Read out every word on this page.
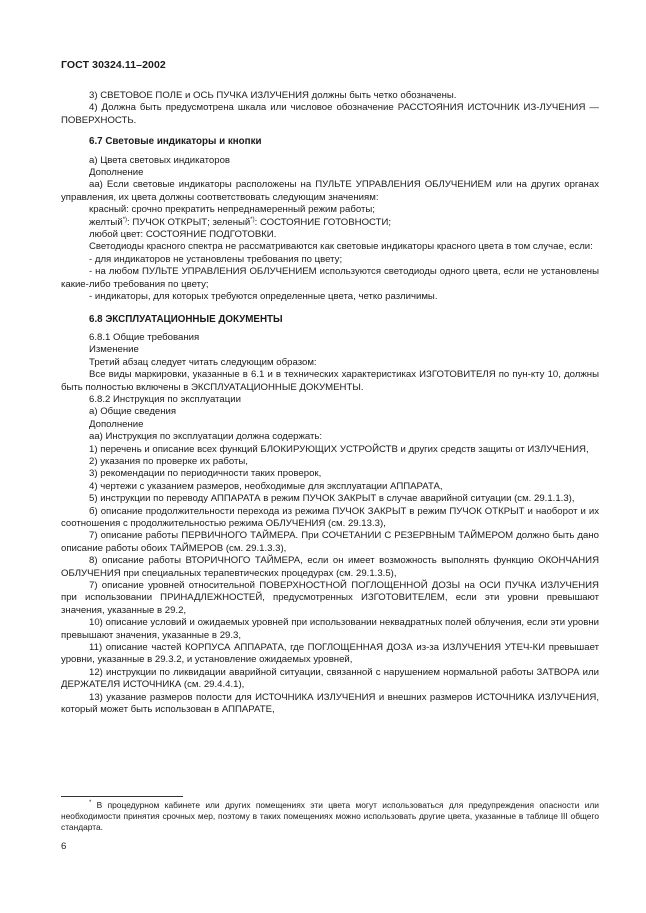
ГОСТ 30324.11–2002

3) СВЕТОВОЕ ПОЛЕ и ОСЬ ПУЧКА ИЗЛУЧЕНИЯ должны быть четко обозначены.

4) Должна быть предусмотрена шкала или числовое обозначение РАССТОЯНИЯ ИСТОЧНИК ИЗ-ЛУЧЕНИЯ — ПОВЕРХНОСТЬ.

6.7 Световые индикаторы и кнопки

а) Цвета световых индикаторов

Дополнение

аа) Если световые индикаторы расположены на ПУЛЬТЕ УПРАВЛЕНИЯ ОБЛУЧЕНИЕМ или на других органах управления, их цвета должны соответствовать следующим значениям:

красный: срочно прекратить непреднамеренный режим работы;

желтый*): ПУЧОК ОТКРЫТ; зеленый*): СОСТОЯНИЕ ГОТОВНОСТИ;

любой цвет: СОСТОЯНИЕ ПОДГОТОВКИ.

Светодиоды красного спектра не рассматриваются как световые индикаторы красного цвета в том случае, если:

- для индикаторов не установлены требования по цвету;

- на любом ПУЛЬТЕ УПРАВЛЕНИЯ ОБЛУЧЕНИЕМ используются светодиоды одного цвета, если не установлены какие-либо требования по цвету;

- индикаторы, для которых требуются определенные цвета, четко различимы.

6.8 ЭКСПЛУАТАЦИОННЫЕ ДОКУМЕНТЫ

6.8.1 Общие требования

Изменение

Третий абзац следует читать следующим образом:

Все виды маркировки, указанные в 6.1 и в технических характеристиках ИЗГОТОВИТЕЛЯ по пун-кту 10, должны быть полностью включены в ЭКСПЛУАТАЦИОННЫЕ ДОКУМЕНТЫ.

6.8.2 Инструкция по эксплуатации

а) Общие сведения

Дополнение

аа) Инструкция по эксплуатации должна содержать:

1) перечень и описание всех функций БЛОКИРУЮЩИХ УСТРОЙСТВ и других средств защиты от ИЗЛУЧЕНИЯ,

2) указания по проверке их работы,

3) рекомендации по периодичности таких проверок,

4) чертежи с указанием размеров, необходимые для эксплуатации АППАРАТА,

5) инструкции по переводу АППАРАТА в режим ПУЧОК ЗАКРЫТ в случае аварийной ситуации (см. 29.1.1.3),

б) описание продолжительности перехода из режима ПУЧОК ЗАКРЫТ в режим ПУЧОК ОТКРЫТ и наоборот и их соотношения с продолжительностью режима ОБЛУЧЕНИЯ (см. 29.13.3),

7) описание работы ПЕРВИЧНОГО ТАЙМЕРА. При СОЧЕТАНИИ С РЕЗЕРВНЫМ ТАЙМЕРОМ должно быть дано описание работы обоих ТАЙМЕРОВ (см. 29.1.3.3),

8) описание работы ВТОРИЧНОГО ТАЙМЕРА, если он имеет возможность выполнять функцию ОКОНЧАНИЯ ОБЛУЧЕНИЯ при специальных терапевтических процедурах (см. 29.1.3.5),

7) описание уровней относительной ПОВЕРХНОСТНОЙ ПОГЛОЩЕННОЙ ДОЗЫ на ОСИ ПУЧКА ИЗЛУЧЕНИЯ при использовании ПРИНАДЛЕЖНОСТЕЙ, предусмотренных ИЗГОТОВИТЕЛЕМ, если эти уровни превышают значения, указанные в 29.2,

10) описание условий и ожидаемых уровней при использовании неквадратных полей облучения, если эти уровни превышают значения, указанные в 29.3,

11) описание частей КОРПУСА АППАРАТА, где ПОГЛОЩЕННАЯ ДОЗА из-за ИЗЛУЧЕНИЯ УТЕЧ-КИ превышает уровни, указанные в 29.3.2, и установление ожидаемых уровней,

12) инструкции по ликвидации аварийной ситуации, связанной с нарушением нормальной работы ЗАТВОРА или ДЕРЖАТЕЛЯ ИСТОЧНИКА (см. 29.4.4.1),

13) указание размеров полости для ИСТОЧНИКА ИЗЛУЧЕНИЯ и внешних размеров ИСТОЧНИКА ИЗЛУЧЕНИЯ, который может быть использован в АППАРАТЕ,

* В процедурном кабинете или других помещениях эти цвета могут использоваться для предупреждения опасности или необходимости принятия срочных мер, поэтому в таких помещениях можно использовать другие цвета, указанные в таблице III общего стандарта.

6
